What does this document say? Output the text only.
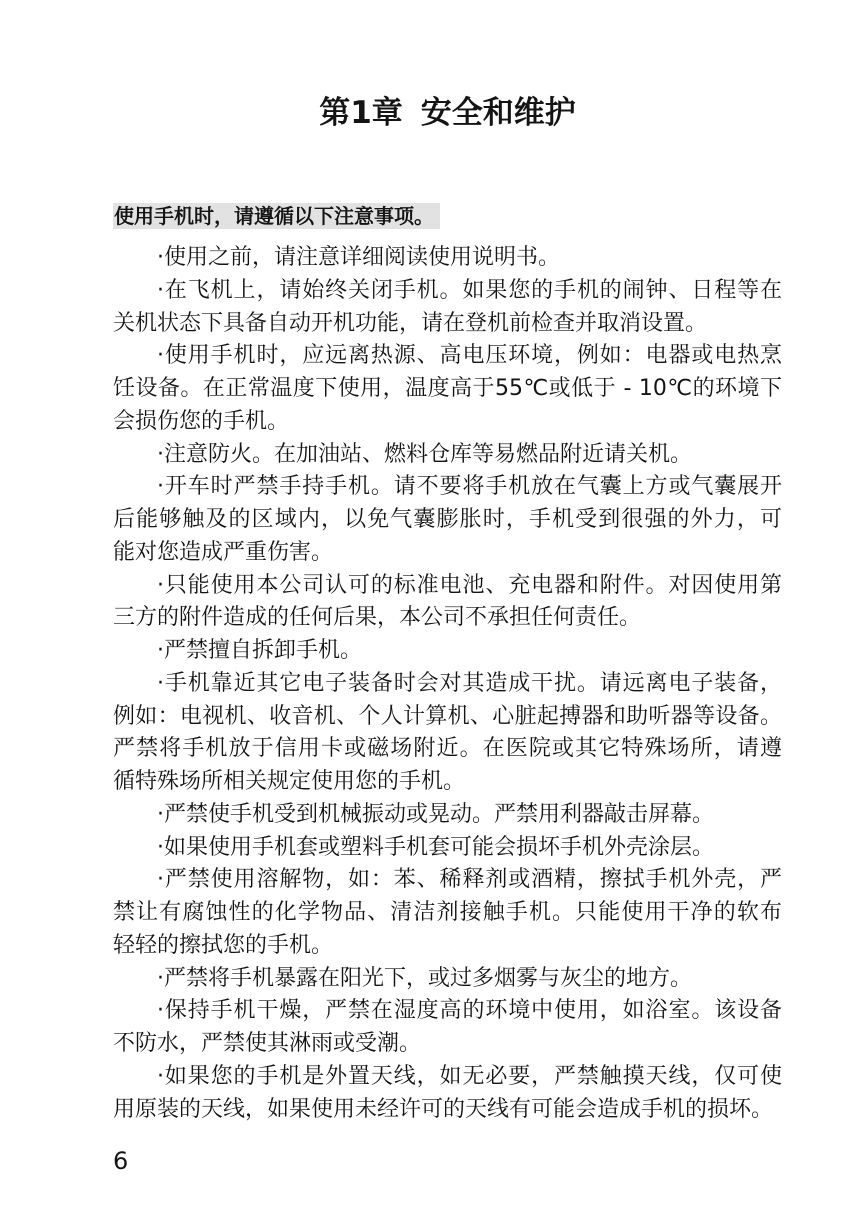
第1章 安全和维护
使用手机时，请遵循以下注意事项。
·使用之前，请注意详细阅读使用说明书。
·在飞机上，请始终关闭手机。如果您的手机的闹钟、日程等在
关机状态下具备自动开机功能，请在登机前检查并取消设置。
·使用手机时，应远离热源、高电压环境，例如：电器或电热烹
饪设备。在正常温度下使用，温度高于55℃或低于 - 10℃的环境下
会损伤您的手机。
·注意防火。在加油站、燃料仓库等易燃品附近请关机。
·开车时严禁手持手机。请不要将手机放在气囊上方或气囊展开
后能够触及的区域内，以免气囊膨胀时，手机受到很强的外力，可
能对您造成严重伤害。
·只能使用本公司认可的标准电池、充电器和附件。对因使用第
三方的附件造成的任何后果，本公司不承担任何责任。
·严禁擅自拆卸手机。
·手机靠近其它电子装备时会对其造成干扰。请远离电子装备，
例如：电视机、收音机、个人计算机、心脏起搏器和助听器等设备。
严禁将手机放于信用卡或磁场附近。在医院或其它特殊场所，请遵
循特殊场所相关规定使用您的手机。
·严禁使手机受到机械振动或晃动。严禁用利器敲击屏幕。
·如果使用手机套或塑料手机套可能会损坏手机外壳涂层。
·严禁使用溶解物，如：苯、稀释剂或酒精，擦拭手机外壳，严
禁让有腐蚀性的化学物品、清洁剂接触手机。只能使用干净的软布
轻轻的擦拭您的手机。
·严禁将手机暴露在阳光下，或过多烟雾与灰尘的地方。
·保持手机干燥，严禁在湿度高的环境中使用，如浴室。该设备
不防水，严禁使其淋雨或受潮。
·如果您的手机是外置天线，如无必要，严禁触摸天线，仅可使
用原装的天线，如果使用未经许可的天线有可能会造成手机的损坏。
6
